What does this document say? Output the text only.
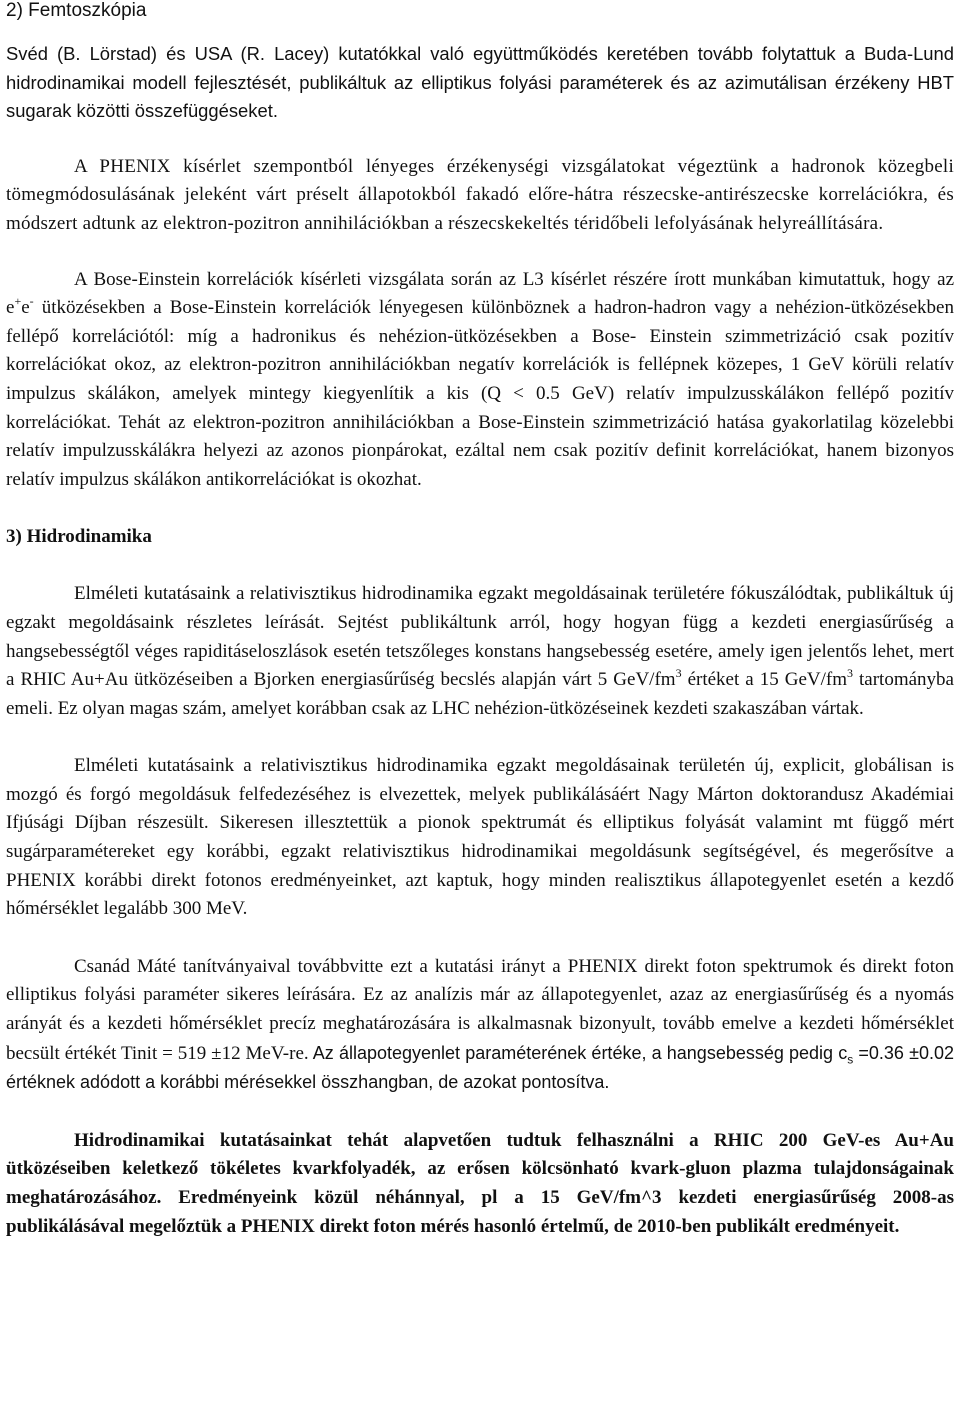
2) Femtoszkópia

Svéd (B. Lörstad) és USA (R. Lacey) kutatókkal való együttműködés keretében tovább folytattuk a Buda-Lund hidrodinamikai modell fejlesztését, publikáltuk az elliptikus folyási paraméterek és az azimutálisan érzékeny HBT sugarak közötti összefüggéseket.

A PHENIX kísérlet szempontból lényeges érzékenységi vizsgálatokat végeztünk a hadronok közegbeli tömegmódosulásának jeleként várt préselt állapotokból fakadó előre-hátra részecske-antirészecske korrelációkra, és módszert adtunk az elektron-pozitron annihilációkban a részecskekeltés téridőbeli lefolyásának helyreállítására.

A Bose-Einstein korrelációk kísérleti vizsgálata során az L3 kísérlet részére írott munkában kimutattuk, hogy az e+e- ütközésekben a Bose-Einstein korrelációk lényegesen különböznek a hadron-hadron vagy a nehézion-ütközésekben fellépő korrelációtól: míg a hadronikus és nehézion-ütközésekben a Bose- Einstein szimmetrizáció csak pozitív korrelációkat okoz, az elektron-pozitron annihilációkban negatív korrelációk is fellépnek közepes, 1 GeV körüli relatív impulzus skálákon, amelyek mintegy kiegyenlítik a kis (Q < 0.5 GeV) relatív impulzusskálákon fellépő pozitív korrelációkat. Tehát az elektron-pozitron annihilációkban a Bose-Einstein szimmetrizáció hatása gyakorlatilag közelebbi relatív impulzusskálákra helyezi az azonos pionpárokat, ezáltal nem csak pozitív definit korrelációkat, hanem bizonyos relatív impulzus skálákon antikorrelációkat is okozhat.

3) Hidrodinamika

Elméleti kutatásaink a relativisztikus hidrodinamika egzakt megoldásainak területére fókuszálódtak, publikáltuk új egzakt megoldásaink részletes leírását. Sejtést publikáltunk arról, hogy hogyan függ a kezdeti energiasűrűség a hangsebességtől véges rapiditáseloszlások esetén tetszőleges konstans hangsebesség esetére, amely igen jelentős lehet, mert a RHIC Au+Au ütközéseiben a Bjorken energiasűrűség becslés alapján várt 5 GeV/$fm^3$ értéket a 15 GeV/$fm^3$ tartományba emeli. Ez olyan magas szám, amelyet korábban csak az LHC nehézion-ütközéseinek kezdeti szakaszában vártak.

Elméleti kutatásaink a relativisztikus hidrodinamika egzakt megoldásainak területén új, explicit, globálisan is mozgó és forgó megoldásuk felfedezéséhez is elvezettek, melyek publikálásáért Nagy Márton doktorandusz Akadémiai Ifjúsági Díjban részesült. Sikeresen illesztettük a pionok spektrumát és elliptikus folyását valamint mt függő mért sugárparamétereket egy korábbi, egzakt relativisztikus hidrodinamikai megoldásunk segítségével, és megerősítve a PHENIX korábbi direkt fotonos eredményeinket, azt kaptuk, hogy minden realisztikus állapotegyenlet esetén a kezdő hőmérséklet legalább 300 MeV.

Csanád Máté tanítványaival továbbvitte ezt a kutatási irányt a PHENIX direkt foton spektrumok és direkt foton elliptikus folyási paraméter sikeres leírására. Ez az analízis már az állapotegyenlet, azaz az energiasűrűség és a nyomás arányát és a kezdeti hőmérséklet precíz meghatározására is alkalmasnak bizonyult, tovább emelve a kezdeti hőmérséklet becsült értékét Tinit = 519 ±12 MeV-re. Az állapotegyenlet paraméterének értéke, a hangsebesség pedig $c_s =0.36 \pm 0.02$ értéknek adódott a korábbi mérésekkel összhangban, de azokat pontosítva.

Hidrodinamikai kutatásainkat tehát alapvetően tudtuk felhasználni a RHIC 200 GeV-es Au+Au ütközéseiben keletkező tökéletes kvarkfolyadék, az erősen kölcsönható kvark-gluon plazma tulajdonságainak meghatározásához. Eredményeink közül néhánnyal, pl a 15 GeV/fm^3 kezdeti energiasűrűség 2008-as publikálásával megelőztük a PHENIX direkt foton mérés hasonló értelmű, de 2010-ben publikált eredményeit.
